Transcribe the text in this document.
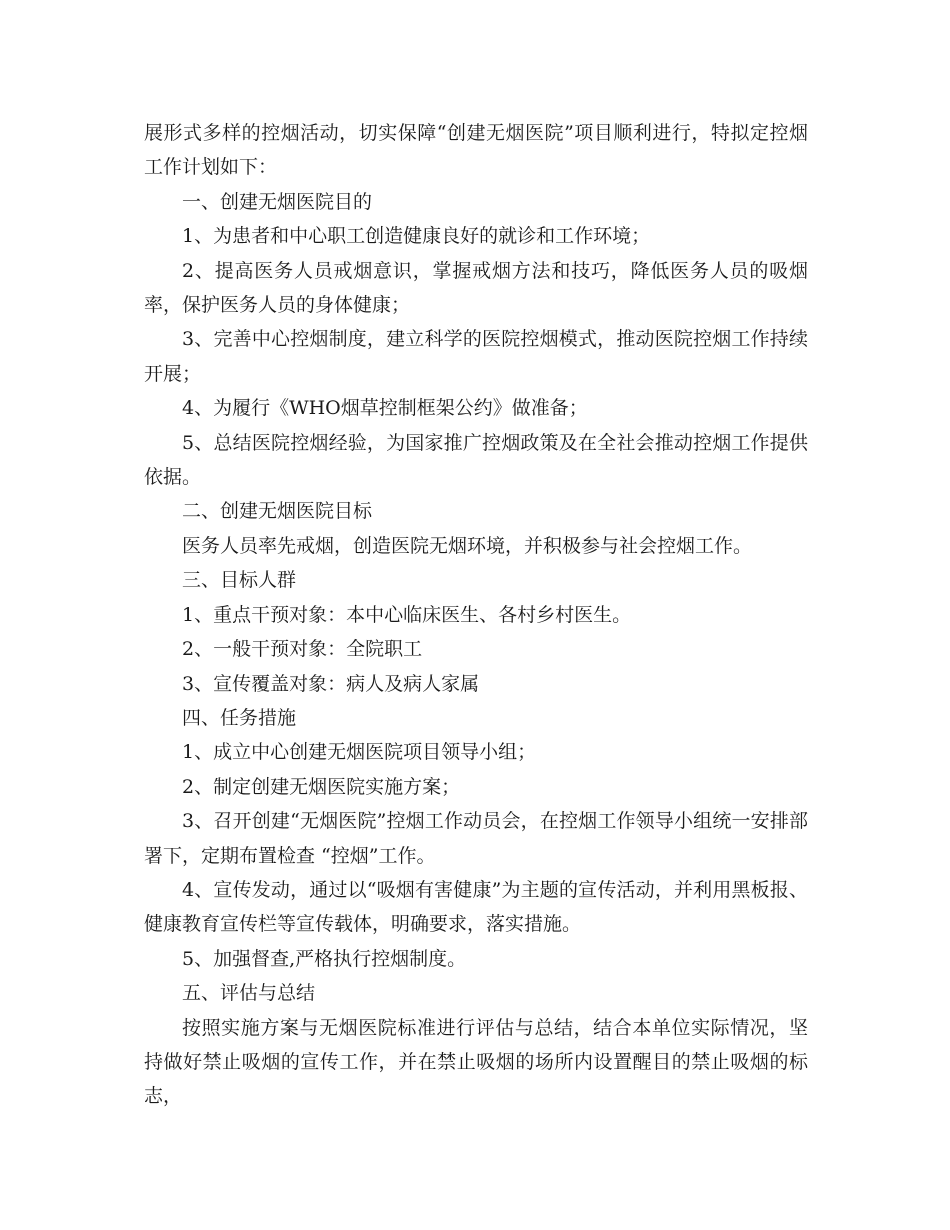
展形式多样的控烟活动，切实保障“创建无烟医院”项目顺利进行，特拟定控烟工作计划如下：

一、创建无烟医院目的

1、为患者和中心职工创造健康良好的就诊和工作环境；

2、提高医务人员戒烟意识，掌握戒烟方法和技巧，降低医务人员的吸烟率，保护医务人员的身体健康；

3、完善中心控烟制度，建立科学的医院控烟模式，推动医院控烟工作持续开展；

4、为履行《WHO烟草控制框架公约》做准备；

5、总结医院控烟经验，为国家推广控烟政策及在全社会推动控烟工作提供依据。

二、创建无烟医院目标

医务人员率先戒烟，创造医院无烟环境，并积极参与社会控烟工作。

三、目标人群

1、重点干预对象：本中心临床医生、各村乡村医生。

2、一般干预对象：全院职工

3、宣传覆盖对象：病人及病人家属

四、任务措施

1、成立中心创建无烟医院项目领导小组；

2、制定创建无烟医院实施方案；

3、召开创建“无烟医院”控烟工作动员会，在控烟工作领导小组统一安排部署下，定期布置检查 “控烟”工作。

4、宣传发动，通过以“吸烟有害健康”为主题的宣传活动，并利用黑板报、健康教育宣传栏等宣传载体，明确要求，落实措施。

5、加强督查,严格执行控烟制度。

五、评估与总结

按照实施方案与无烟医院标准进行评估与总结，结合本单位实际情况，坚持做好禁止吸烟的宣传工作，并在禁止吸烟的场所内设置醒目的禁止吸烟的标志，
